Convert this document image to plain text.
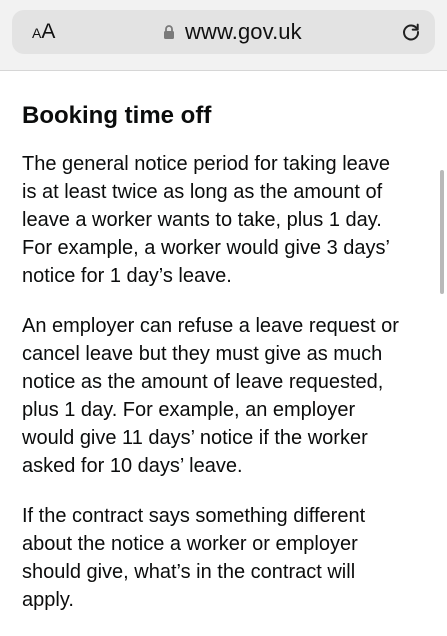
A A	www.gov.uk
Booking time off

The general notice period for taking leave
is at least twice as long as the amount of
leave a worker wants to take, plus 1 day.
For example, a worker would give 3 days’
notice for 1 day’s leave.

An employer can refuse a leave request or
cancel leave but they must give as much
notice as the amount of leave requested,
plus 1 day. For example, an employer
would give 11 days’ notice if the worker
asked for 10 days’ leave.

If the contract says something different
about the notice a worker or employer
should give, what’s in the contract will
apply.
